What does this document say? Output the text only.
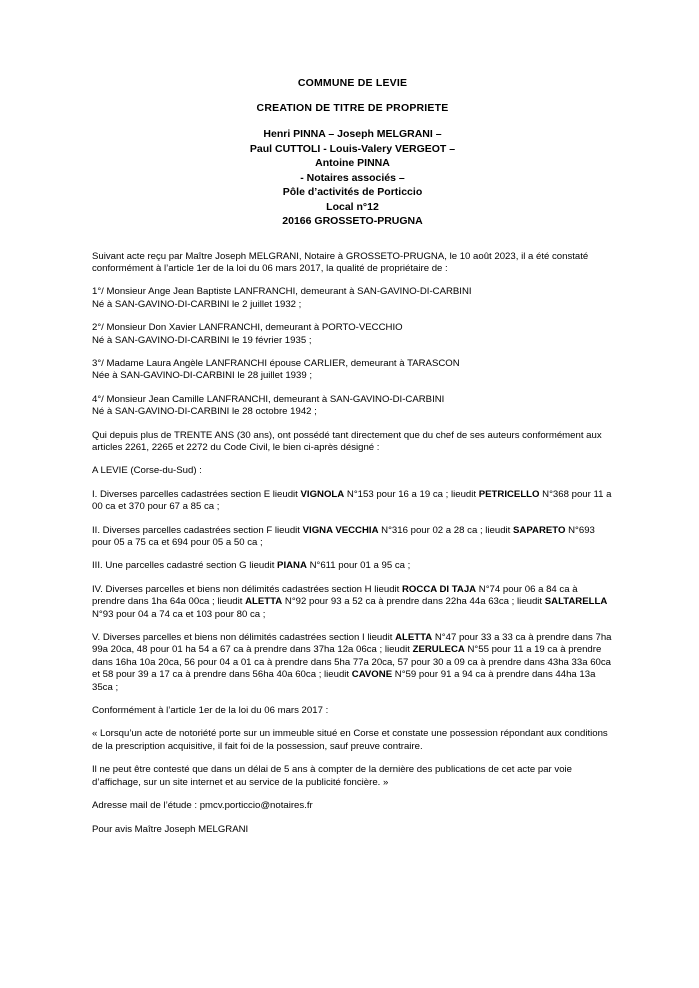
COMMUNE DE LEVIE
CREATION DE TITRE DE PROPRIETE
Henri PINNA – Joseph MELGRANI –
Paul CUTTOLI - Louis-Valery VERGEOT –
Antoine PINNA
- Notaires associés –
Pôle d’activités de Porticcio
Local n°12
20166 GROSSETO-PRUGNA

Suivant acte reçu par Maître Joseph MELGRANI, Notaire à GROSSETO-PRUGNA, le 10 août 2023, il a été constaté conformément à l’article 1er de la loi du 06 mars 2017, la qualité de propriétaire de :

1°/ Monsieur Ange Jean Baptiste LANFRANCHI, demeurant à SAN-GAVINO-DI-CARBINI
Né à SAN-GAVINO-DI-CARBINI le 2 juillet 1932 ;

2°/ Monsieur Don Xavier LANFRANCHI, demeurant à PORTO-VECCHIO
Né à SAN-GAVINO-DI-CARBINI le 19 février 1935 ;

3°/ Madame Laura Angèle LANFRANCHI épouse CARLIER, demeurant à TARASCON
Née à SAN-GAVINO-DI-CARBINI le 28 juillet 1939 ;

4°/ Monsieur Jean Camille LANFRANCHI, demeurant à SAN-GAVINO-DI-CARBINI
Né à SAN-GAVINO-DI-CARBINI le 28 octobre 1942 ;

Qui depuis plus de TRENTE ANS (30 ans), ont possédé tant directement que du chef de ses auteurs conformément aux articles 2261, 2265 et 2272 du Code Civil, le bien ci-après désigné :

A LEVIE (Corse-du-Sud) :

I. Diverses parcelles cadastrées section E lieudit VIGNOLA N°153 pour 16 a 19 ca ; lieudit PETRICELLO N°368 pour 11 a 00 ca et 370 pour 67 a 85 ca ;

II. Diverses parcelles cadastrées section F lieudit VIGNA VECCHIA N°316 pour 02 a 28 ca ; lieudit SAPARETO N°693 pour 05 a 75 ca et 694 pour 05 a 50 ca ;

III. Une parcelles cadastré section G lieudit PIANA N°611 pour 01 a 95 ca ;

IV. Diverses parcelles et biens non délimités cadastrées section H lieudit ROCCA DI TAJA N°74 pour 06 a 84 ca à prendre dans 1ha 64a 00ca ; lieudit ALETTA N°92 pour 93 a 52 ca à prendre dans 22ha 44a 63ca ; lieudit SALTARELLA N°93 pour 04 a 74 ca et 103 pour 80 ca ;

V. Diverses parcelles et biens non délimités cadastrées section I lieudit ALETTA N°47 pour 33 a 33 ca à prendre dans 7ha 99a 20ca, 48 pour 01 ha 54 a 67 ca à prendre dans 37ha 12a 06ca ; lieudit ZERULECA N°55 pour 11 a 19 ca à prendre dans 16ha 10a 20ca, 56 pour 04 a 01 ca à prendre dans 5ha 77a 20ca, 57 pour 30 a 09 ca à prendre dans 43ha 33a 60ca et 58 pour 39 a 17 ca à prendre dans 56ha 40a 60ca ; lieudit CAVONE N°59 pour 91 a 94 ca à prendre dans 44ha 13a 35ca ;

Conformément à l’article 1er de la loi du 06 mars 2017 :

« Lorsqu’un acte de notoriété porte sur un immeuble situé en Corse et constate une possession répondant aux conditions de la prescription acquisitive, il fait foi de la possession, sauf preuve contraire.

Il ne peut être contesté que dans un délai de 5 ans à compter de la dernière des publications de cet acte par voie d’affichage, sur un site internet et au service de la publicité foncière. »

Adresse mail de l’étude : pmcv.porticcio@notaires.fr

Pour avis Maître Joseph MELGRANI
